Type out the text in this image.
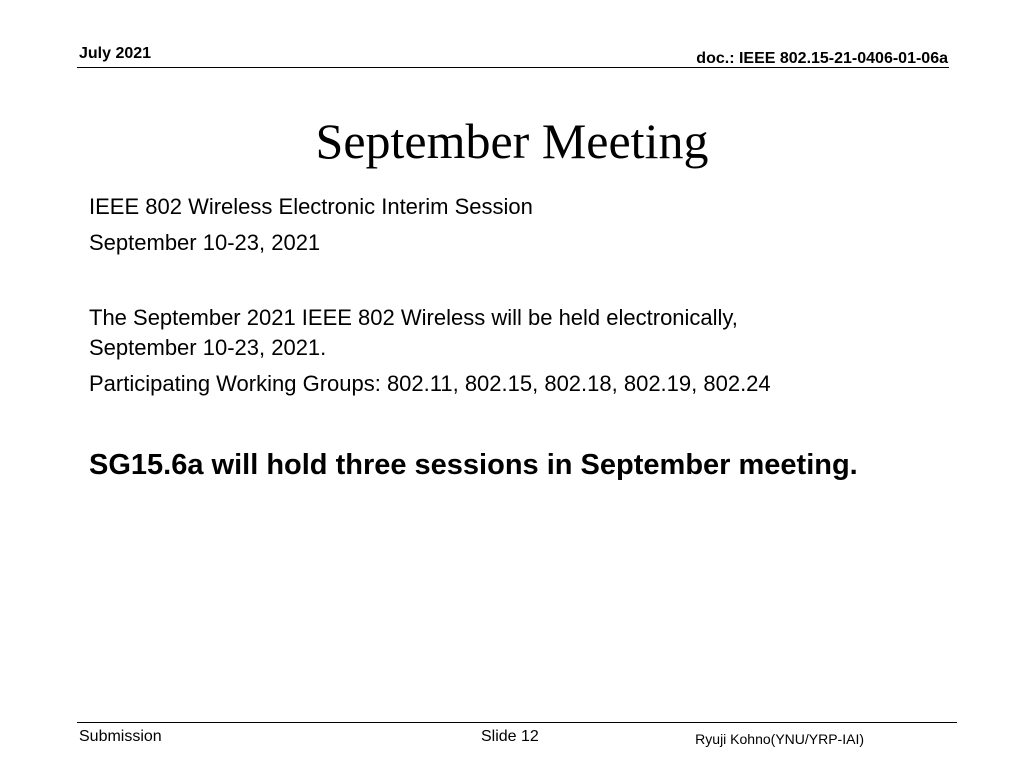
July 2021	doc.: IEEE 802.15-21-0406-01-06a
September Meeting
IEEE 802 Wireless Electronic Interim Session
September 10-23, 2021
The September 2021 IEEE 802 Wireless will be held electronically,
September 10-23, 2021.
Participating Working Groups: 802.11, 802.15, 802.18, 802.19, 802.24
SG15.6a will hold three sessions in September meeting.
Submission	Slide 12	Ryuji Kohno(YNU/YRP-IAI)
